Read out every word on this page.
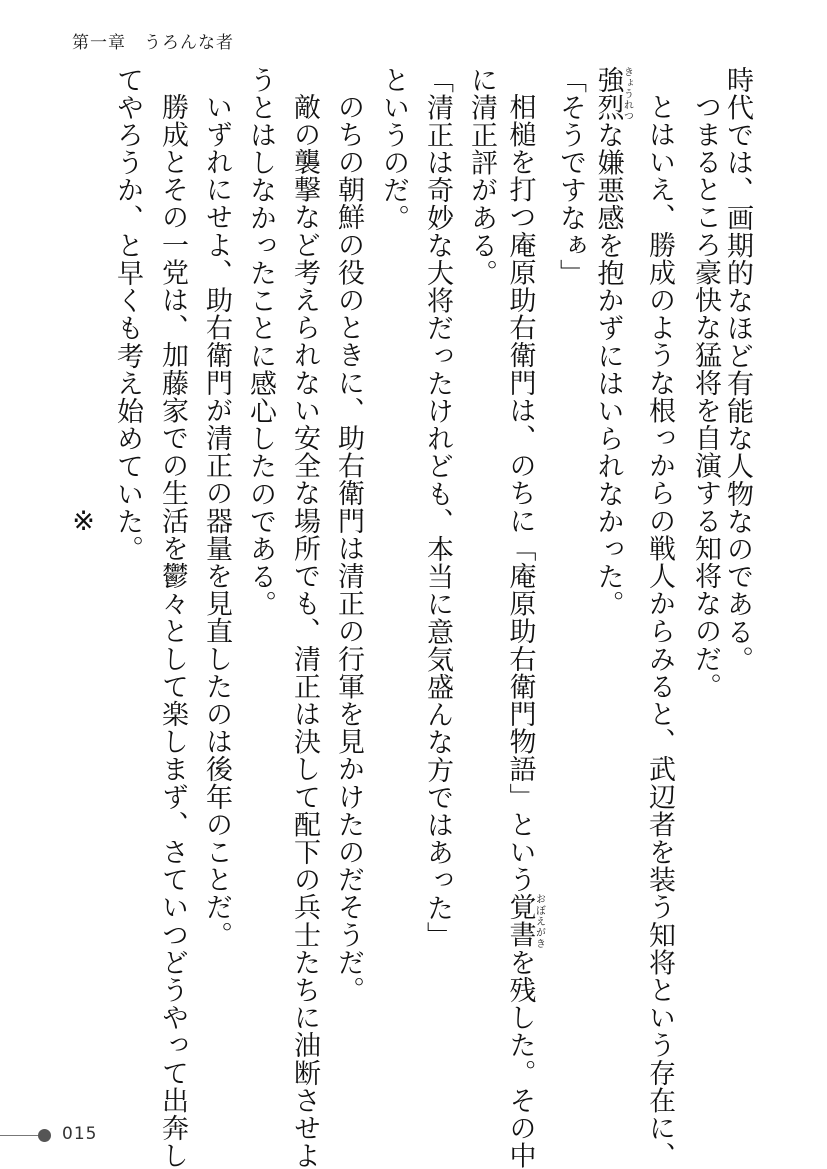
第一章　うろんな者

時代では、画期的なほど有能な人物なのである。

つまるところ豪快な猛将を自演する知将なのだ。

とはいえ、勝成のような根っからの戦人からみると、武辺者を装う知将という存在に、

強烈きょうれつな嫌悪感を抱かずにはいられなかった。

「そうですなぁ」

相槌を打つ庵原助右衛門は、のちに「庵原助右衛門物語」という覚書おぼえがきを残した。その中

に清正評がある。

「清正は奇妙な大将だったけれども、本当に意気盛んな方ではあった」

というのだ。

のちの朝鮮の役のときに、助右衛門は清正の行軍を見かけたのだそうだ。

敵の襲撃など考えられない安全な場所でも、清正は決して配下の兵士たちに油断させよ

うとはしなかったことに感心したのである。

いずれにせよ、助右衛門が清正の器量を見直したのは後年のことだ。

勝成とその一党は、加藤家での生活を鬱々として楽しまず、さていつどうやって出奔し

てやろうか、と早くも考え始めていた。

※

015
